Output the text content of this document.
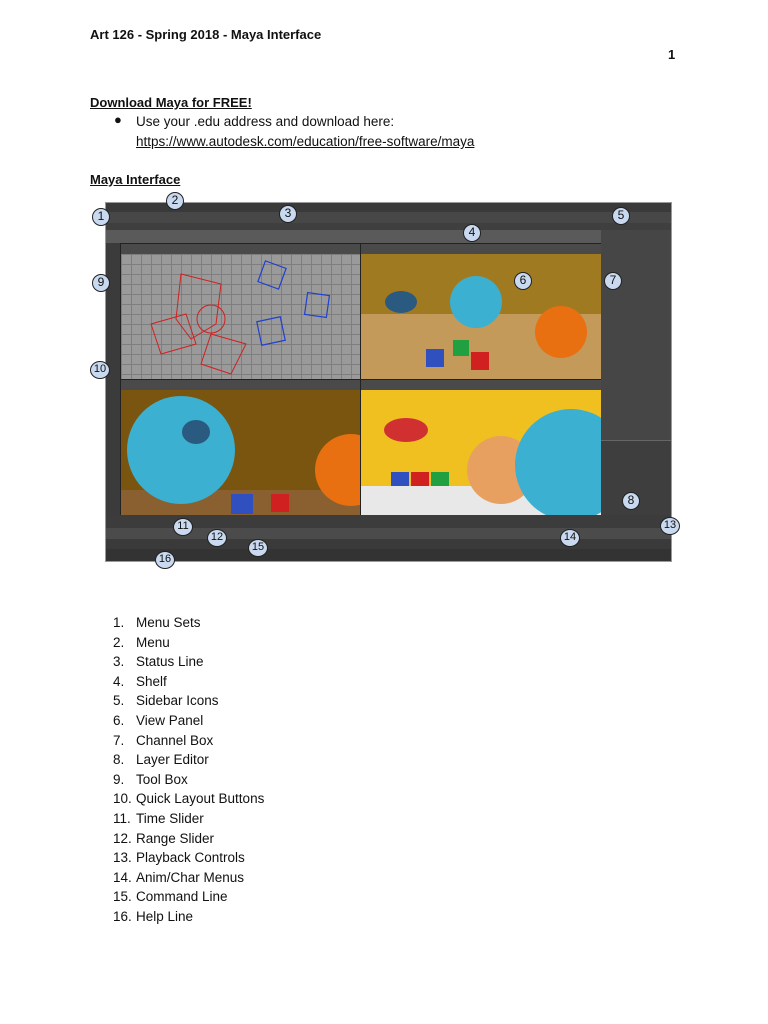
Art 126 - Spring 2018 - Maya Interface
1
Download Maya for FREE!
● Use your .edu address and download here:
https://www.autodesk.com/education/free-software/maya
Maya Interface
1
2
3
4
5
6	7
8
9
10
11
12
13
14
15
16
1. Menu Sets
2. Menu
3. Status Line
4. Shelf
5. Sidebar Icons
6. View Panel
7. Channel Box
8. Layer Editor
9. Tool Box
10. Quick Layout Buttons
11. Time Slider
12. Range Slider
13. Playback Controls
14. Anim/Char Menus
15. Command Line
16. Help Line
